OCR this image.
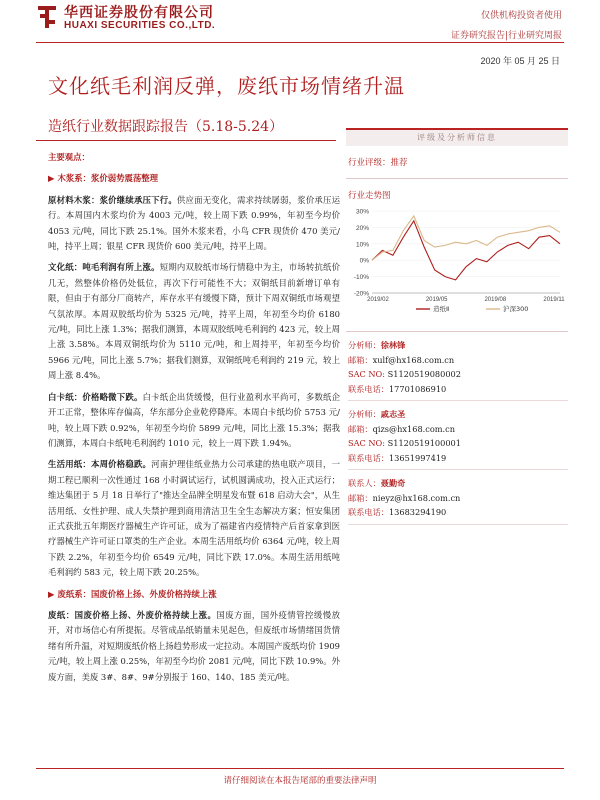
华西证券股份有限公司
HUAXI SECURITIES CO.,LTD.
仅供机构投资者使用
证券研究报告|行业研究周报
2020 年 05 月 25 日
文化纸毛利润反弹，废纸市场情绪升温
造纸行业数据跟踪报告（5.18-5.24）

主要观点：

▶ 木浆系：浆价弱势震荡整理

原材料木浆：浆价继续承压下行。供应面无变化，需求持续孱弱，浆价承压运行。本周国内木浆均价为 4003 元/吨，较上周下跌 0.99%，年初至今均价 4053 元/吨，同比下跌 25.1%。国外木浆来看，小鸟 CFR 现货价 470 美元/吨，持平上周；银星 CFR 现货价 600 美元/吨，持平上周。

文化纸：吨毛利润有所上涨。短期内双胶纸市场行情稳中为主，市场转抗纸价几无，然整体价格仍处低位，再次下行可能性不大；双铜纸目前新增订单有限，但由于有部分厂商转产，库存水平有缓慢下降，预计下周双铜纸市场观望气氛浓厚。本周双胶纸均价为 5325 元/吨，持平上周，年初至今均价 6180 元/吨，同比上涨 1.3%；据我们测算，本周双胶纸吨毛利润约 423 元，较上周上涨 3.58%。本周双铜纸均价为 5110 元/吨，和上周持平，年初至今均价 5966 元/吨，同比上涨 5.7%；据我们测算，双铜纸吨毛利润约 219 元，较上周上涨 8.4%。

白卡纸：价格略微下跌。白卡纸企出货缓慢，但行业盈利水平尚可，多数纸企开工正常，整体库存偏高，华东部分企业乾停降库。本周白卡纸均价 5753 元/吨，较上周下跌 0.92%，年初至今均价 5899 元/吨，同比上涨 15.3%；据我们测算，本周白卡纸吨毛利润约 1010 元，较上一周下跌 1.94%。

生活用纸：本周价格稳跌。河南护理佳纸业热力公司承建的热电联产项目，一期工程已顺利一次性通过 168 小时调试运行，试机圆满成功，投入正式运行；维达集团于 5 月 18 日举行了"推达全品牌全明星发布暨 618 启动大会"，从生活用纸、女性护理、成人失禁护理到商用清洁卫生全生态解决方案；恒安集团正式获批五年期医疗器械生产许可证，成为了福建省内疫情特产后首家拿到医疗器械生产许可证口罩类的生产企业。本周生活用纸均价 6364 元/吨，较上周下跌 2.2%，年初至今均价 6549 元/吨，同比下跌 17.0%。本周生活用纸吨毛利润约 583 元，较上周下跌 20.25%。

▶ 废纸系：国废价格上扬、外废价格持续上涨

废纸：国废价格上扬、外废价格持续上涨。国废方面，国外疫情管控缓慢放开，对市场信心有所提振。尽管成品纸销量未见起色，但废纸市场情绪国货情绪有所升温，对短期废纸价格上扬趋势形成一定拉动。本周国产废纸均价 1909 元/吨，较上周上涨 0.25%，年初至今均价 2081 元/吨，同比下跌 10.9%。外废方面，美废 3#、8#、9#分别报于 160、140、185 美元/吨。

评级及分析师信息
行业评级：推荐
行业走势图
30%
20%
10%
0%
-10%
-20%
2019/02	2019/05	2019/08	2019/11
造纸Ⅱ	沪深300
分析师：徐林锋
邮箱：xulf@hx168.com.cn
SAC NO: S1120519080002
联系电话：17701086910
分析师：戚志圣
邮箱：qizs@hx168.com.cn
SAC NO: S1120519100001
联系电话：13651997419
联系人：聂勤奇
邮箱：nieyz@hx168.com.cn
联系电话：13683294190
请仔细阅读在本报告尾部的重要法律声明
